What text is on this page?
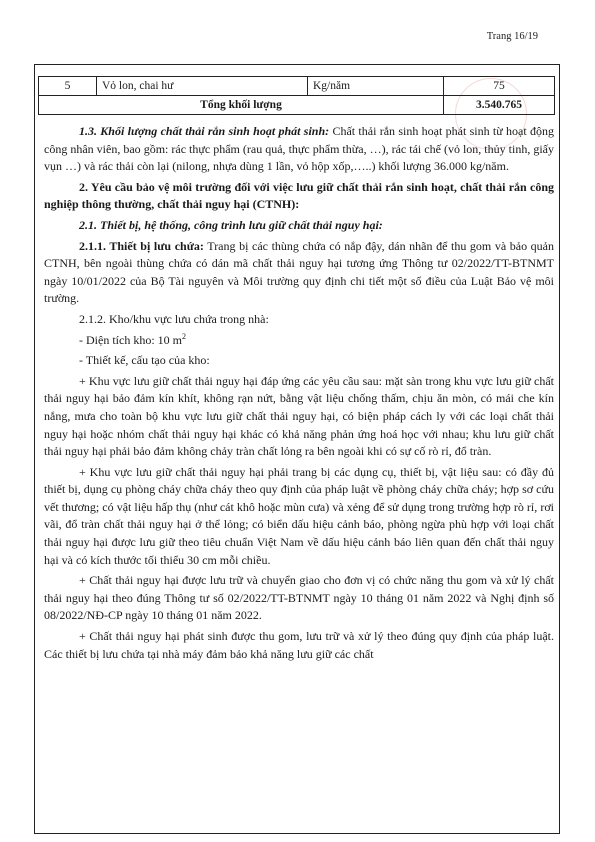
Trang 16/19
5	Vỏ lon, chai hư	Kg/năm	75
Tổng khối lượng			3.540.765

1.3. Khối lượng chất thải rắn sinh hoạt phát sinh: Chất thải rắn sinh hoạt phát sinh từ hoạt động công nhân viên, bao gồm: rác thực phẩm (rau quả, thực phẩm thừa, …), rác tái chế (vỏ lon, thủy tinh, giấy vụn …) và rác thải còn lại (nilong, nhựa dùng 1 lần, vỏ hộp xốp,…..) khối lượng 36.000 kg/năm.

2. Yêu cầu bảo vệ môi trường đối với việc lưu giữ chất thải rắn sinh hoạt, chất thải rắn công nghiệp thông thường, chất thải nguy hại (CTNH):

2.1. Thiết bị, hệ thống, công trình lưu giữ chất thải nguy hại:

2.1.1. Thiết bị lưu chứa: Trang bị các thùng chứa có nắp đậy, dán nhãn để thu gom và bảo quản CTNH, bên ngoài thùng chứa có dán mã chất thải nguy hại tương ứng Thông tư 02/2022/TT-BTNMT ngày 10/01/2022 của Bộ Tài nguyên và Môi trường quy định chi tiết một số điều của Luật Bảo vệ môi trường.

2.1.2. Kho/khu vực lưu chứa trong nhà:

- Diện tích kho: 10 $m^2$

- Thiết kế, cấu tạo của kho:

+ Khu vực lưu giữ chất thải nguy hại đáp ứng các yêu cầu sau: mặt sàn trong khu vực lưu giữ chất thải nguy hại bảo đảm kín khít, không rạn nứt, bằng vật liệu chống thấm, chịu ăn mòn, có mái che kín nắng, mưa cho toàn bộ khu vực lưu giữ chất thải nguy hại, có biện pháp cách ly với các loại chất thải nguy hại hoặc nhóm chất thải nguy hại khác có khả năng phản ứng hoá học với nhau; khu lưu giữ chất thải nguy hại phải bảo đảm không chảy tràn chất lỏng ra bên ngoài khi có sự cố rò rỉ, đổ tràn.

+ Khu vực lưu giữ chất thải nguy hại phải trang bị các dụng cụ, thiết bị, vật liệu sau: có đầy đủ thiết bị, dụng cụ phòng cháy chữa cháy theo quy định của pháp luật về phòng cháy chữa cháy; hợp sơ cứu vết thương; có vật liệu hấp thụ (như cát khô hoặc mùn cưa) và xẻng để sử dụng trong trường hợp rò rỉ, rơi vãi, đổ tràn chất thải nguy hại ở thể lỏng; có biển dấu hiệu cảnh báo, phòng ngừa phù hợp với loại chất thải nguy hại được lưu giữ theo tiêu chuẩn Việt Nam về dấu hiệu cảnh báo liên quan đến chất thải nguy hại và có kích thước tối thiểu 30 cm mỗi chiều.

+ Chất thải nguy hại được lưu trữ và chuyển giao cho đơn vị có chức năng thu gom và xử lý chất thải nguy hại theo đúng Thông tư số 02/2022/TT-BTNMT ngày 10 tháng 01 năm 2022 và Nghị định số 08/2022/NĐ-CP ngày 10 tháng 01 năm 2022.

+ Chất thải nguy hại phát sinh được thu gom, lưu trữ và xử lý theo đúng quy định của pháp luật. Các thiết bị lưu chứa tại nhà máy đảm bảo khả năng lưu giữ các chất
